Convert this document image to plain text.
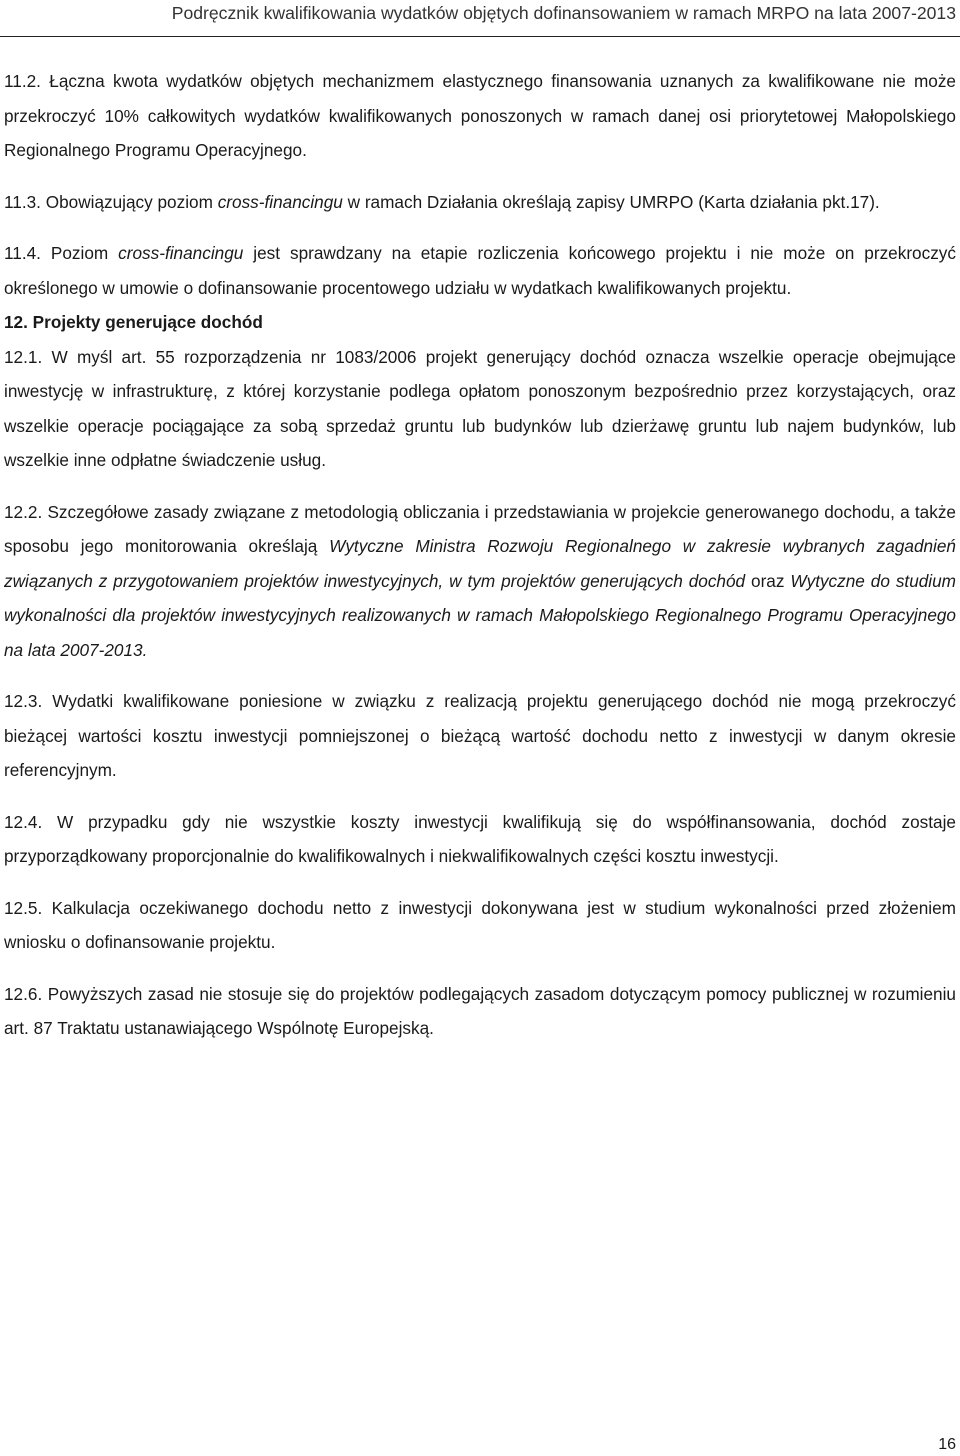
Podręcznik kwalifikowania wydatków objętych dofinansowaniem w ramach MRPO na lata 2007-2013

11.2. Łączna kwota wydatków objętych mechanizmem elastycznego finansowania uznanych za kwalifikowane nie może przekroczyć 10% całkowitych wydatków kwalifikowanych ponoszonych w ramach danej osi priorytetowej Małopolskiego Regionalnego Programu Operacyjnego.

11.3. Obowiązujący poziom cross-financingu w ramach Działania określają zapisy UMRPO (Karta działania pkt.17).

11.4. Poziom cross-financingu jest sprawdzany na etapie rozliczenia końcowego projektu i nie może on przekroczyć określonego w umowie o dofinansowanie procentowego udziału w wydatkach kwalifikowanych projektu.

12. Projekty generujące dochód

12.1. W myśl art. 55 rozporządzenia nr 1083/2006 projekt generujący dochód oznacza wszelkie operacje obejmujące inwestycję w infrastrukturę, z której korzystanie podlega opłatom ponoszonym bezpośrednio przez korzystających, oraz wszelkie operacje pociągające za sobą sprzedaż gruntu lub budynków lub dzierżawę gruntu lub najem budynków, lub wszelkie inne odpłatne świadczenie usług.

12.2. Szczegółowe zasady związane z metodologią obliczania i przedstawiania w projekcie generowanego dochodu, a także sposobu jego monitorowania określają Wytyczne Ministra Rozwoju Regionalnego w zakresie wybranych zagadnień związanych z przygotowaniem projektów inwestycyjnych, w tym projektów generujących dochód oraz Wytyczne do studium wykonalności dla projektów inwestycyjnych realizowanych w ramach Małopolskiego Regionalnego Programu Operacyjnego na lata 2007-2013.

12.3. Wydatki kwalifikowane poniesione w związku z realizacją projektu generującego dochód nie mogą przekroczyć bieżącej wartości kosztu inwestycji pomniejszonej o bieżącą wartość dochodu netto z inwestycji w danym okresie referencyjnym.

12.4. W przypadku gdy nie wszystkie koszty inwestycji kwalifikują się do współfinansowania, dochód zostaje przyporządkowany proporcjonalnie do kwalifikowalnych i niekwalifikowalnych części kosztu inwestycji.

12.5. Kalkulacja oczekiwanego dochodu netto z inwestycji dokonywana jest w studium wykonalności przed złożeniem wniosku o dofinansowanie projektu.

12.6. Powyższych zasad nie stosuje się do projektów podlegających zasadom dotyczącym pomocy publicznej w rozumieniu art. 87 Traktatu ustanawiającego Wspólnotę Europejską.

16
